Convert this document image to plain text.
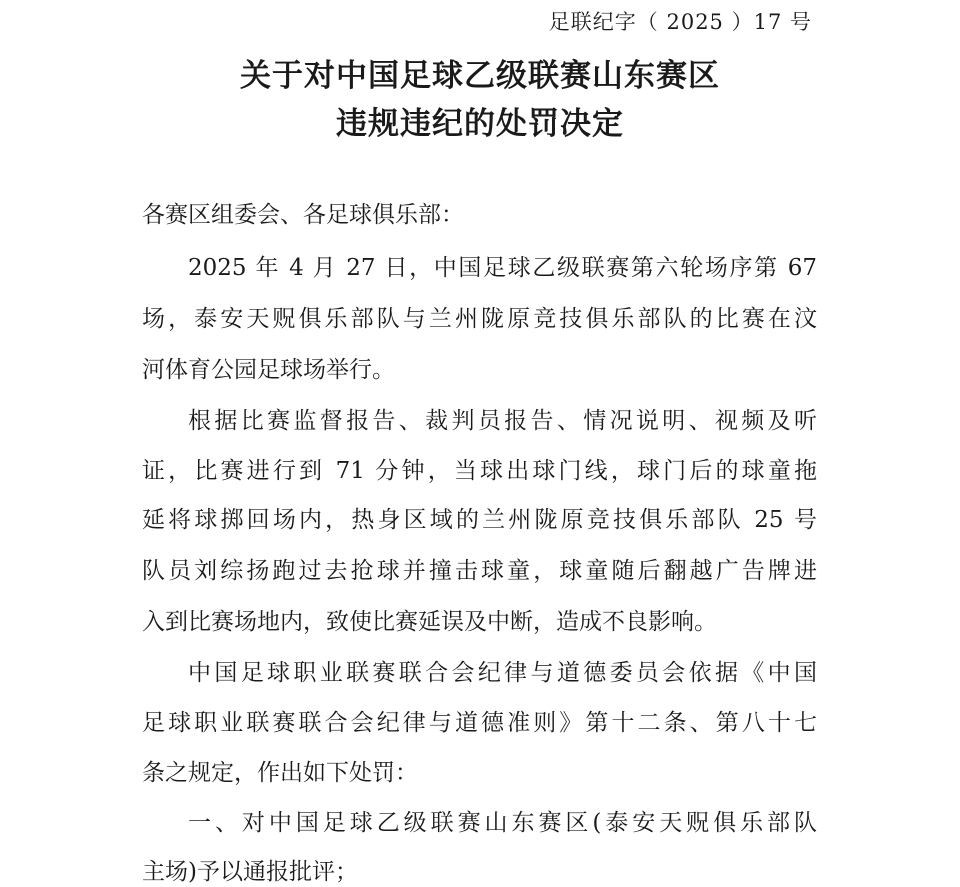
足联纪字（ 2025 ）17 号
关于对中国足球乙级联赛山东赛区
违规违纪的处罚决定
各赛区组委会、各足球俱乐部：
2025 年 4 月 27 日，中国足球乙级联赛第六轮场序第 67
场，泰安天贶俱乐部队与兰州陇原竞技俱乐部队的比赛在汶
河体育公园足球场举行。
根据比赛监督报告、裁判员报告、情况说明、视频及听
证，比赛进行到 71 分钟，当球出球门线，球门后的球童拖
延将球掷回场内，热身区域的兰州陇原竞技俱乐部队 25 号
队员刘综扬跑过去抢球并撞击球童，球童随后翻越广告牌进
入到比赛场地内，致使比赛延误及中断，造成不良影响。
中国足球职业联赛联合会纪律与道德委员会依据《中国
足球职业联赛联合会纪律与道德准则》第十二条、第八十七
条之规定，作出如下处罚：
一、对中国足球乙级联赛山东赛区(泰安天贶俱乐部队
主场)予以通报批评；
